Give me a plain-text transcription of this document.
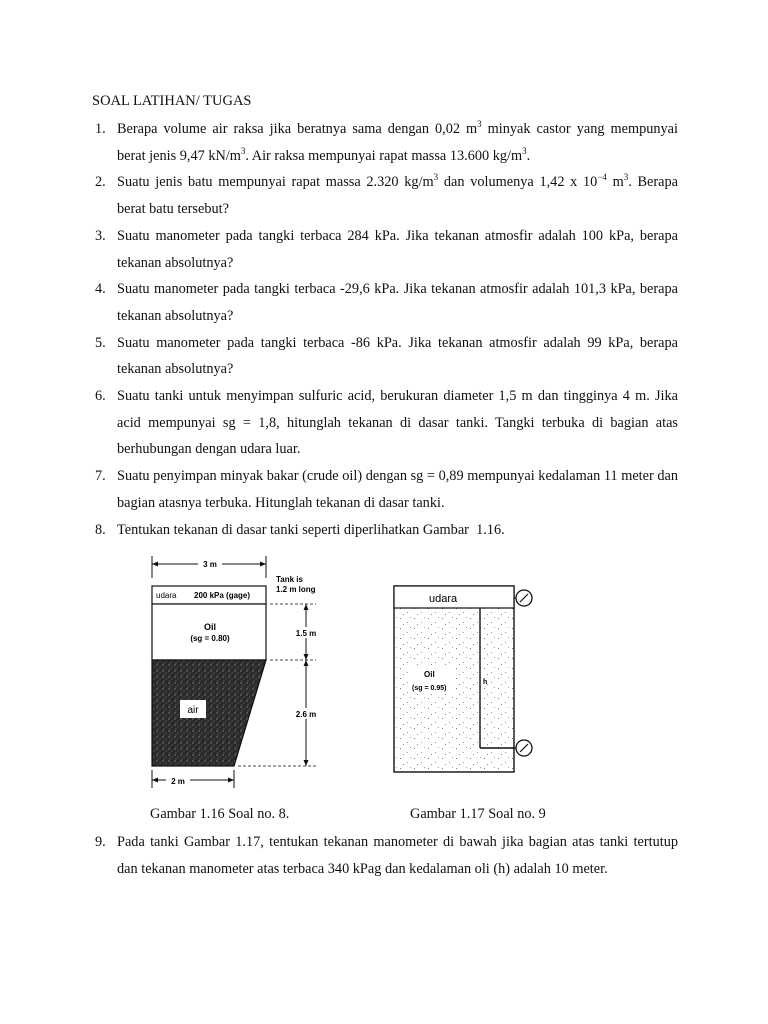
SOAL LATIHAN/ TUGAS
1. Berapa volume air raksa jika beratnya sama dengan 0,02 $m^3$ minyak castor yang mempunyai berat jenis 9,47 $kN/m^3$. Air raksa mempunyai rapat massa 13.600 $kg/m^3$.
2. Suatu jenis batu mempunyai rapat massa 2.320 $kg/m^3$ dan volumenya 1,42 x $10^{-4}$ $m^3$. Berapa berat batu tersebut?
3. Suatu manometer pada tangki terbaca 284 kPa. Jika tekanan atmosfir adalah 100 kPa, berapa tekanan absolutnya?
4. Suatu manometer pada tangki terbaca -29,6 kPa. Jika tekanan atmosfir adalah 101,3 kPa, berapa tekanan absolutnya?
5. Suatu manometer pada tangki terbaca -86 kPa. Jika tekanan atmosfir adalah 99 kPa, berapa tekanan absolutnya?
6. Suatu tanki untuk menyimpan sulfuric acid, berukuran diameter 1,5 m dan tingginya 4 m. Jika acid mempunyai sg = 1,8, hitunglah tekanan di dasar tanki. Tangki terbuka di bagian atas berhubungan dengan udara luar.
7. Suatu penyimpan minyak bakar (crude oil) dengan sg = 0,89 mempunyai kedalaman 11 meter dan bagian atasnya terbuka. Hitunglah tekanan di dasar tanki.
8. Tentukan tekanan di dasar tanki seperti diperlihatkan Gambar  1.16.
3 m
Tank is
1.2 m long
udara 200 kPa (gage)
Oil
(sg = 0.80)
air
1.5 m
2.6 m
2 m
udara
h
Oil
(sg = 0.95)
Gambar 1.16 Soal no. 8.	Gambar 1.17 Soal no. 9
9. Pada tanki Gambar 1.17, tentukan tekanan manometer di bawah jika bagian atas tanki tertutup dan tekanan manometer atas terbaca 340 kPag dan kedalaman oli (h) adalah 10 meter.
